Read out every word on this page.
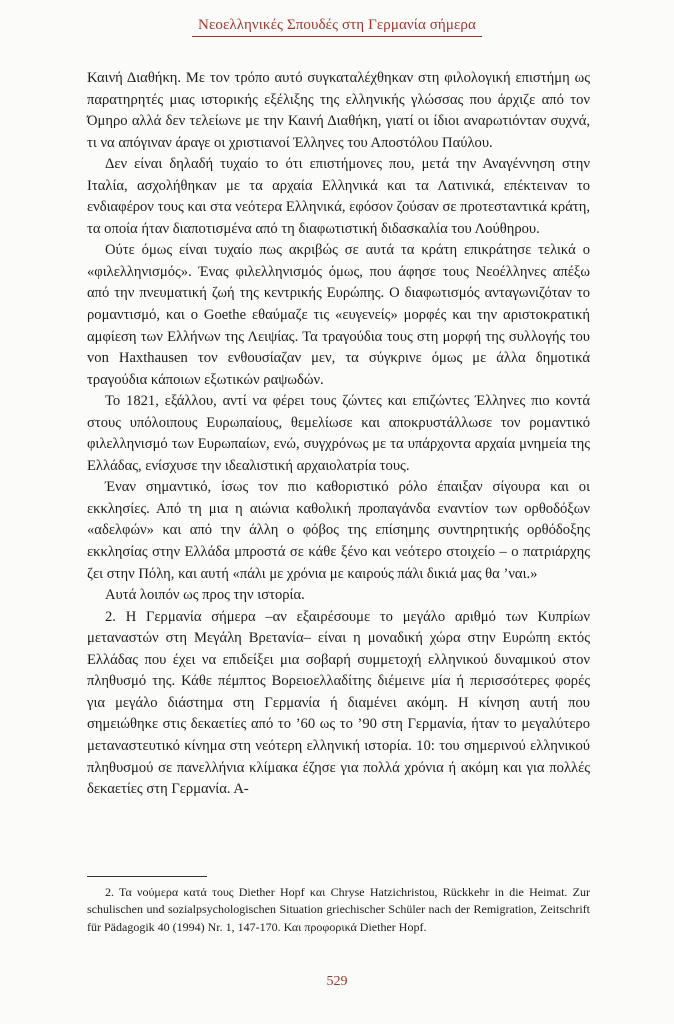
Νεοελληνικές Σπουδές στη Γερμανία σήμερα

Καινή Διαθήκη. Με τον τρόπο αυτό συγκαταλέχθηκαν στη φιλολογική επιστήμη ως παρατηρητές μιας ιστορικής εξέλιξης της ελληνικής γλώσσας που άρχιζε από τον Όμηρο αλλά δεν τελείωνε με την Καινή Διαθήκη, γιατί οι ίδιοι αναρωτιόνταν συχνά, τι να απόγιναν άραγε οι χριστιανοί Έλληνες του Αποστόλου Παύλου.

Δεν είναι δηλαδή τυχαίο το ότι επιστήμονες που, μετά την Αναγέννηση στην Ιταλία, ασχολήθηκαν με τα αρχαία Ελληνικά και τα Λατινικά, επέκτειναν το ενδιαφέρον τους και στα νεότερα Ελληνικά, εφόσον ζούσαν σε προτεσταντικά κράτη, τα οποία ήταν διαποτισμένα από τη διαφωτιστική διδασκαλία του Λούθηρου.

Ούτε όμως είναι τυχαίο πως ακριβώς σε αυτά τα κράτη επικράτησε τελικά ο «φιλελληνισμός». Ένας φιλελληνισμός όμως, που άφησε τους Νεοέλληνες απέξω από την πνευματική ζωή της κεντρικής Ευρώπης. Ο διαφωτισμός ανταγωνιζόταν το ρομαντισμό, και ο Goethe εθαύμαζε τις «ευγενείς» μορφές και την αριστοκρατική αμφίεση των Ελλήνων της Λειψίας. Τα τραγούδια τους στη μορφή της συλλογής του von Haxthausen τον ενθουσίαζαν μεν, τα σύγκρινε όμως με άλλα δημοτικά τραγούδια κάποιων εξωτικών ραψωδών.

Το 1821, εξάλλου, αντί να φέρει τους ζώντες και επιζώντες Έλληνες πιο κοντά στους υπόλοιπους Ευρωπαίους, θεμελίωσε και αποκρυστάλλωσε τον ρομαντικό φιλελληνισμό των Ευρωπαίων, ενώ, συγχρόνως με τα υπάρχοντα αρχαία μνημεία της Ελλάδας, ενίσχυσε την ιδεαλιστική αρχαιολατρία τους.

Έναν σημαντικό, ίσως τον πιο καθοριστικό ρόλο έπαιξαν σίγουρα και οι εκκλησίες. Από τη μια η αιώνια καθολική προπαγάνδα εναντίον των ορθοδόξων «αδελφών» και από την άλλη ο φόβος της επίσημης συντηρητικής ορθόδοξης εκκλησίας στην Ελλάδα μπροστά σε κάθε ξένο και νεότερο στοιχείο – ο πατριάρχης ζει στην Πόλη, και αυτή «πάλι με χρόνια με καιρούς πάλι δικιά μας θα ’ναι.»

Αυτά λοιπόν ως προς την ιστορία.

2. Η Γερμανία σήμερα –αν εξαιρέσουμε το μεγάλο αριθμό των Κυπρίων μεταναστών στη Μεγάλη Βρετανία– είναι η μοναδική χώρα στην Ευρώπη εκτός Ελλάδας που έχει να επιδείξει μια σοβαρή συμμετοχή ελληνικού δυναμικού στον πληθυσμό της. Κάθε πέμπτος Βορειοελλαδίτης διέμεινε μία ή περισσότερες φορές για μεγάλο διάστημα στη Γερμανία ή διαμένει ακόμη. Η κίνηση αυτή που σημειώθηκε στις δεκαετίες από το ’60 ως το ’90 στη Γερμανία, ήταν το μεγαλύτερο μεταναστευτικό κίνημα στη νεότερη ελληνική ιστορία. 10: του σημερινού ελληνικού πληθυσμού σε πανελλήνια κλίμακα έζησε για πολλά χρόνια ή ακόμη και για πολλές δεκαετίες στη Γερμανία. Α-

2. Τα νούμερα κατά τους Diether Hopf και Chryse Hatzichristou, Rückkehr in die Heimat. Zur schulischen und sozialpsychologischen Situation griechischer Schüler nach der Remigration, Zeitschrift für Pädagogik 40 (1994) Nr. 1, 147-170. Και προφορικά Diether Hopf.

529
